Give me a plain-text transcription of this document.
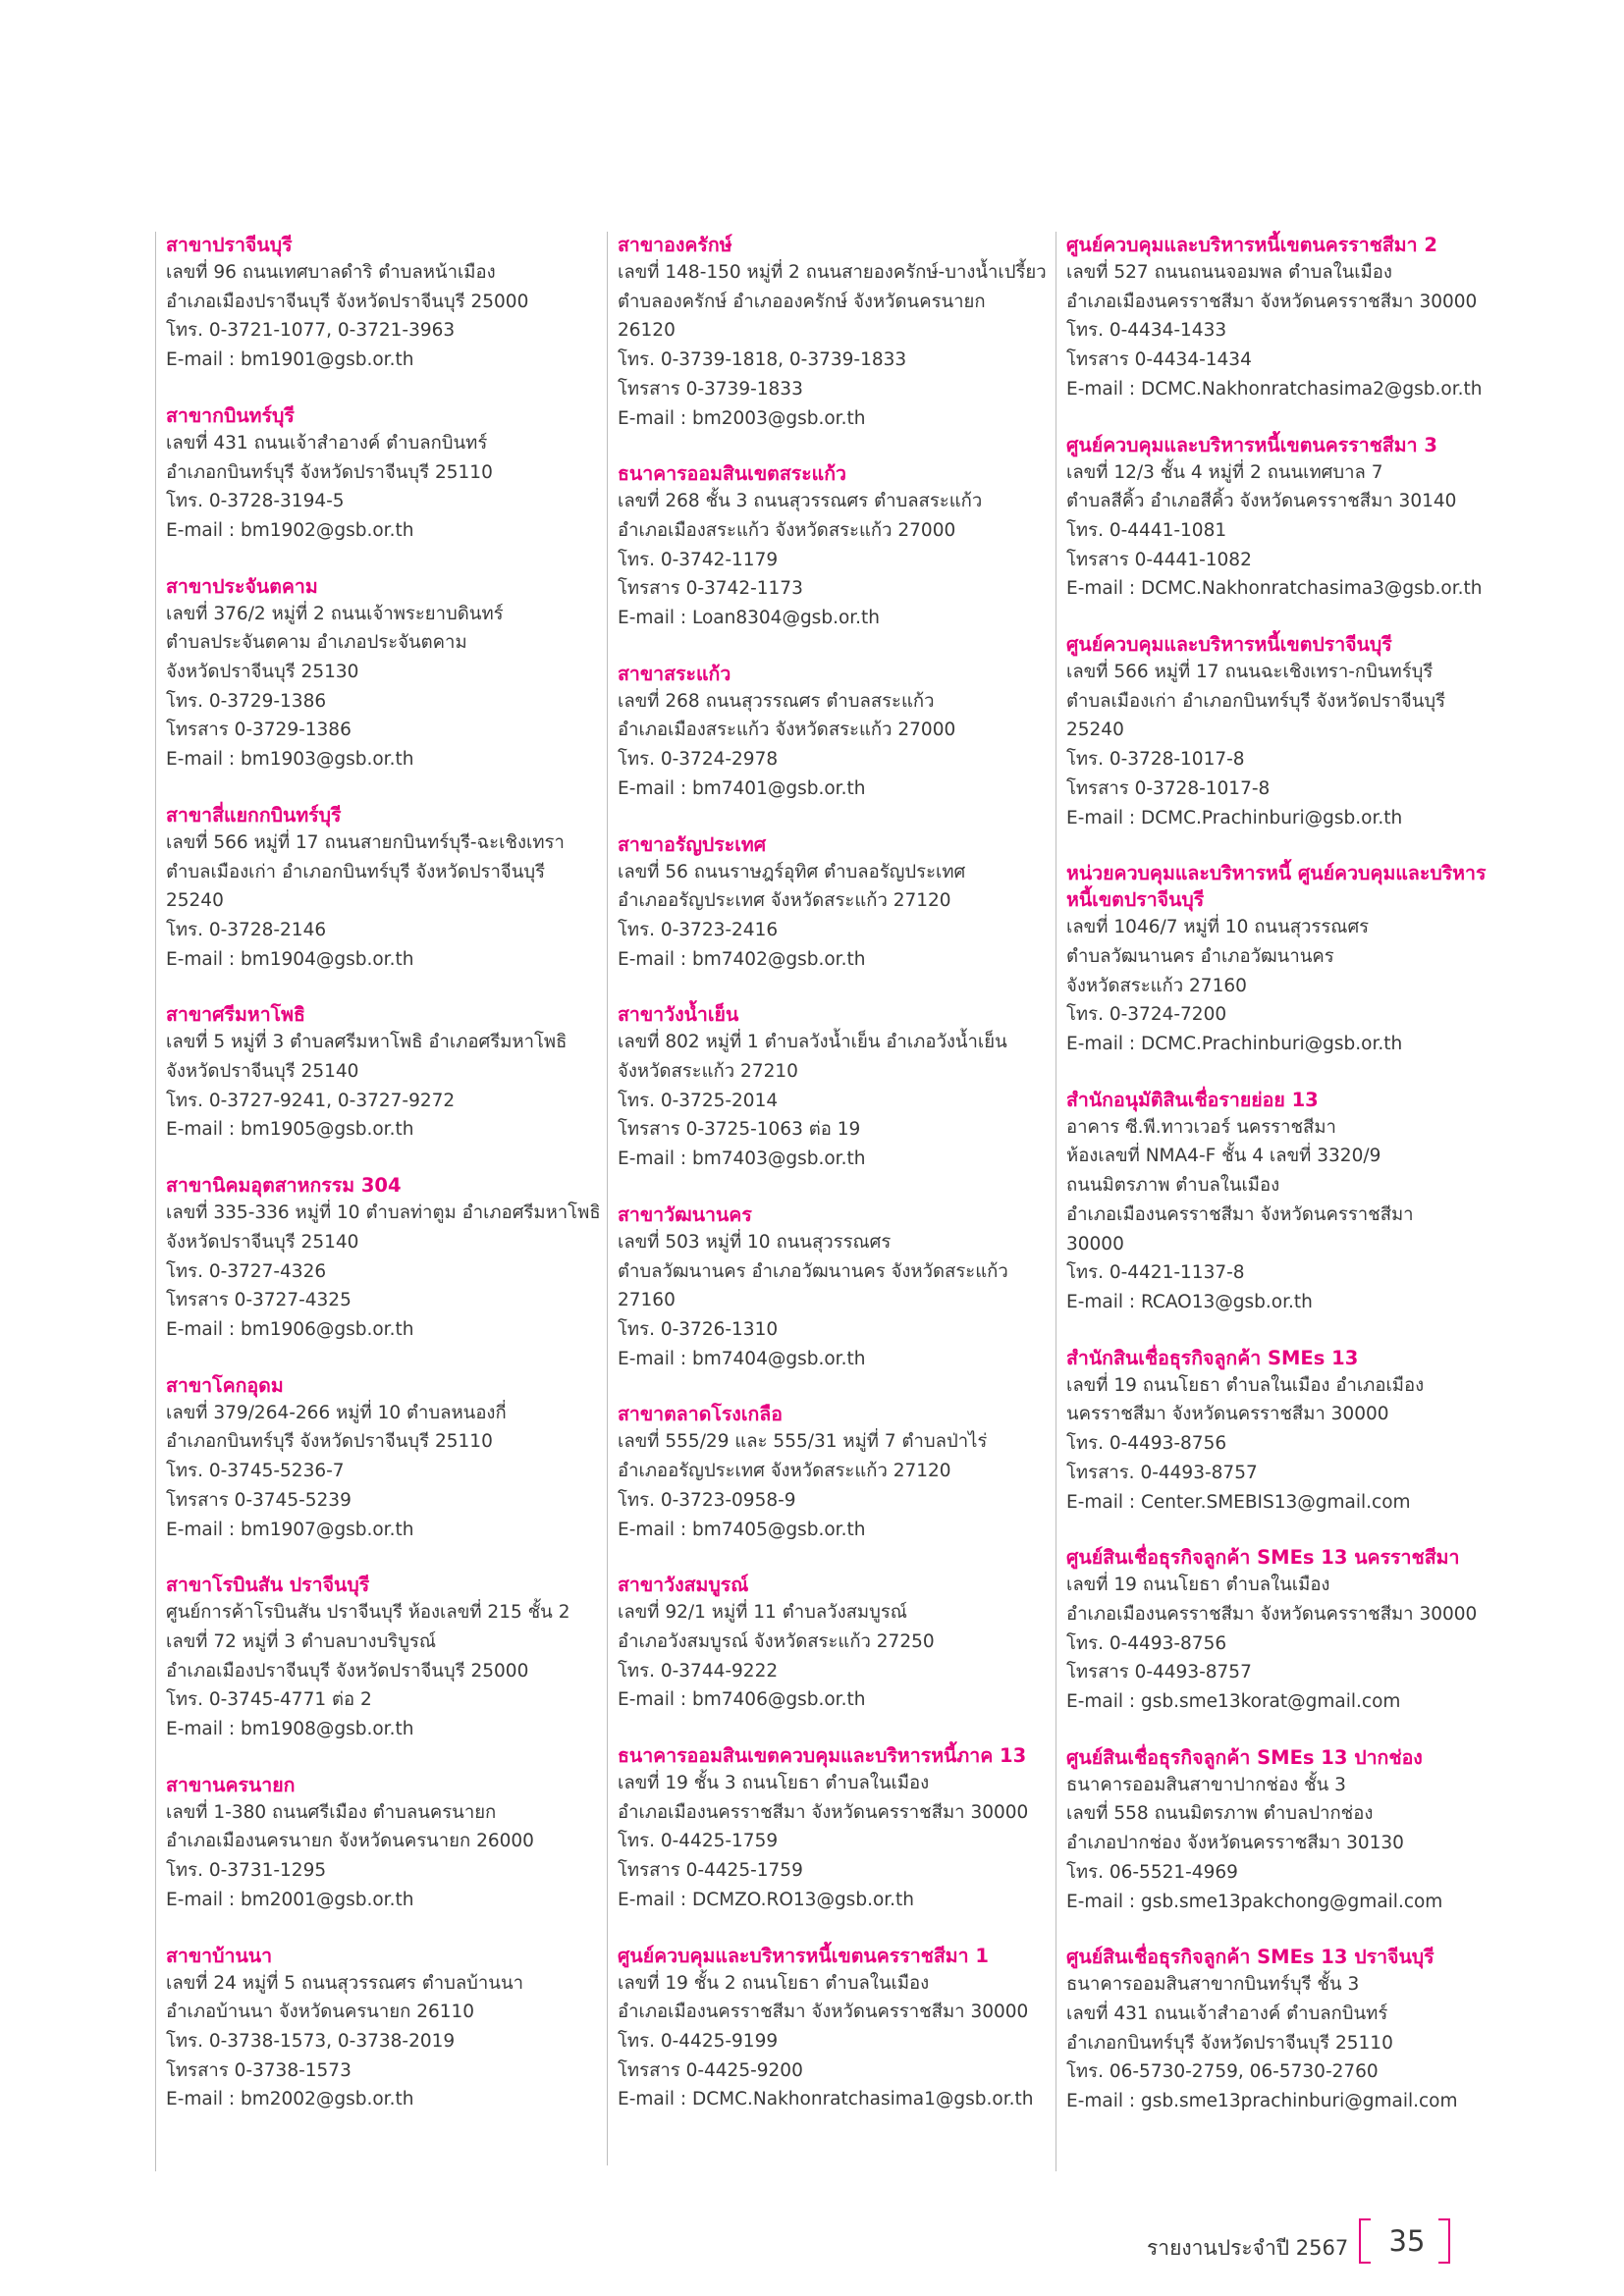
สาขาปราจีนบุรี
เลขที่ 96 ถนนเทศบาลดำริ ตำบลหน้าเมือง
อำเภอเมืองปราจีนบุรี จังหวัดปราจีนบุรี 25000
โทร. 0-3721-1077, 0-3721-3963
E-mail : bm1901@gsb.or.th
สาขากบินทร์บุรี
เลขที่ 431 ถนนเจ้าสำอางค์ ตำบลกบินทร์
อำเภอกบินทร์บุรี จังหวัดปราจีนบุรี 25110
โทร. 0-3728-3194-5
E-mail : bm1902@gsb.or.th
สาขาประจันตคาม
เลขที่ 376/2 หมู่ที่ 2 ถนนเจ้าพระยาบดินทร์
ตำบลประจันตคาม อำเภอประจันตคาม
จังหวัดปราจีนบุรี 25130
โทร. 0-3729-1386
โทรสาร 0-3729-1386
E-mail : bm1903@gsb.or.th
สาขาสี่แยกกบินทร์บุรี
เลขที่ 566 หมู่ที่ 17 ถนนสายกบินทร์บุรี-ฉะเชิงเทรา
ตำบลเมืองเก่า อำเภอกบินทร์บุรี จังหวัดปราจีนบุรี
25240
โทร. 0-3728-2146
E-mail : bm1904@gsb.or.th
สาขาศรีมหาโพธิ
เลขที่ 5 หมู่ที่ 3 ตำบลศรีมหาโพธิ อำเภอศรีมหาโพธิ
จังหวัดปราจีนบุรี 25140
โทร. 0-3727-9241, 0-3727-9272
E-mail : bm1905@gsb.or.th
สาขานิคมอุตสาหกรรม 304
เลขที่ 335-336 หมู่ที่ 10 ตำบลท่าตูม อำเภอศรีมหาโพธิ
จังหวัดปราจีนบุรี 25140
โทร. 0-3727-4326
โทรสาร 0-3727-4325
E-mail : bm1906@gsb.or.th
สาขาโคกอุดม
เลขที่ 379/264-266 หมู่ที่ 10 ตำบลหนองกี่
อำเภอกบินทร์บุรี จังหวัดปราจีนบุรี 25110
โทร. 0-3745-5236-7
โทรสาร 0-3745-5239
E-mail : bm1907@gsb.or.th
สาขาโรบินสัน ปราจีนบุรี
ศูนย์การค้าโรบินสัน ปราจีนบุรี ห้องเลขที่ 215 ชั้น 2
เลขที่ 72 หมู่ที่ 3 ตำบลบางบริบูรณ์
อำเภอเมืองปราจีนบุรี จังหวัดปราจีนบุรี 25000
โทร. 0-3745-4771 ต่อ 2
E-mail : bm1908@gsb.or.th
สาขานครนายก
เลขที่ 1-380 ถนนศรีเมือง ตำบลนครนายก
อำเภอเมืองนครนายก จังหวัดนครนายก 26000
โทร. 0-3731-1295
E-mail : bm2001@gsb.or.th
สาขาบ้านนา
เลขที่ 24 หมู่ที่ 5 ถนนสุวรรณศร ตำบลบ้านนา
อำเภอบ้านนา จังหวัดนครนายก 26110
โทร. 0-3738-1573, 0-3738-2019
โทรสาร 0-3738-1573
E-mail : bm2002@gsb.or.th
สาขาองครักษ์
เลขที่ 148-150 หมู่ที่ 2 ถนนสายองครักษ์-บางน้ำเปรี้ยว
ตำบลองครักษ์ อำเภอองครักษ์ จังหวัดนครนายก
26120
โทร. 0-3739-1818, 0-3739-1833
โทรสาร 0-3739-1833
E-mail : bm2003@gsb.or.th
ธนาคารออมสินเขตสระแก้ว
เลขที่ 268 ชั้น 3 ถนนสุวรรณศร ตำบลสระแก้ว
อำเภอเมืองสระแก้ว จังหวัดสระแก้ว 27000
โทร. 0-3742-1179
โทรสาร 0-3742-1173
E-mail : Loan8304@gsb.or.th
สาขาสระแก้ว
เลขที่ 268 ถนนสุวรรณศร ตำบลสระแก้ว
อำเภอเมืองสระแก้ว จังหวัดสระแก้ว 27000
โทร. 0-3724-2978
E-mail : bm7401@gsb.or.th
สาขาอรัญประเทศ
เลขที่ 56 ถนนราษฎร์อุทิศ ตำบลอรัญประเทศ
อำเภออรัญประเทศ จังหวัดสระแก้ว 27120
โทร. 0-3723-2416
E-mail : bm7402@gsb.or.th
สาขาวังน้ำเย็น
เลขที่ 802 หมู่ที่ 1 ตำบลวังน้ำเย็น อำเภอวังน้ำเย็น
จังหวัดสระแก้ว 27210
โทร. 0-3725-2014
โทรสาร 0-3725-1063 ต่อ 19
E-mail : bm7403@gsb.or.th
สาขาวัฒนานคร
เลขที่ 503 หมู่ที่ 10 ถนนสุวรรณศร
ตำบลวัฒนานคร อำเภอวัฒนานคร จังหวัดสระแก้ว
27160
โทร. 0-3726-1310
E-mail : bm7404@gsb.or.th
สาขาตลาดโรงเกลือ
เลขที่ 555/29 และ 555/31 หมู่ที่ 7 ตำบลป่าไร่
อำเภออรัญประเทศ จังหวัดสระแก้ว 27120
โทร. 0-3723-0958-9
E-mail : bm7405@gsb.or.th
สาขาวังสมบูรณ์
เลขที่ 92/1 หมู่ที่ 11 ตำบลวังสมบูรณ์
อำเภอวังสมบูรณ์ จังหวัดสระแก้ว 27250
โทร. 0-3744-9222
E-mail : bm7406@gsb.or.th
ธนาคารออมสินเขตควบคุมและบริหารหนี้ภาค 13
เลขที่ 19 ชั้น 3 ถนนโยธา ตำบลในเมือง
อำเภอเมืองนครราชสีมา จังหวัดนครราชสีมา 30000
โทร. 0-4425-1759
โทรสาร 0-4425-1759
E-mail : DCMZO.RO13@gsb.or.th
ศูนย์ควบคุมและบริหารหนี้เขตนครราชสีมา 1
เลขที่ 19 ชั้น 2 ถนนโยธา ตำบลในเมือง
อำเภอเมืองนครราชสีมา จังหวัดนครราชสีมา 30000
โทร. 0-4425-9199
โทรสาร 0-4425-9200
E-mail : DCMC.Nakhonratchasima1@gsb.or.th
ศูนย์ควบคุมและบริหารหนี้เขตนครราชสีมา 2
เลขที่ 527 ถนนถนนจอมพล ตำบลในเมือง
อำเภอเมืองนครราชสีมา จังหวัดนครราชสีมา 30000
โทร. 0-4434-1433
โทรสาร 0-4434-1434
E-mail : DCMC.Nakhonratchasima2@gsb.or.th
ศูนย์ควบคุมและบริหารหนี้เขตนครราชสีมา 3
เลขที่ 12/3 ชั้น 4 หมู่ที่ 2 ถนนเทศบาล 7
ตำบลสีคิ้ว อำเภอสีคิ้ว จังหวัดนครราชสีมา 30140
โทร. 0-4441-1081
โทรสาร 0-4441-1082
E-mail : DCMC.Nakhonratchasima3@gsb.or.th
ศูนย์ควบคุมและบริหารหนี้เขตปราจีนบุรี
เลขที่ 566 หมู่ที่ 17 ถนนฉะเชิงเทรา-กบินทร์บุรี
ตำบลเมืองเก่า อำเภอกบินทร์บุรี จังหวัดปราจีนบุรี
25240
โทร. 0-3728-1017-8
โทรสาร 0-3728-1017-8
E-mail : DCMC.Prachinburi@gsb.or.th
หน่วยควบคุมและบริหารหนี้ ศูนย์ควบคุมและบริหารหนี้เขตปราจีนบุรี
เลขที่ 1046/7 หมู่ที่ 10 ถนนสุวรรณศร
ตำบลวัฒนานคร อำเภอวัฒนานคร
จังหวัดสระแก้ว 27160
โทร. 0-3724-7200
E-mail : DCMC.Prachinburi@gsb.or.th
สำนักอนุมัติสินเชื่อรายย่อย 13
อาคาร ซี.พี.ทาวเวอร์ นครราชสีมา
ห้องเลขที่ NMA4-F ชั้น 4 เลขที่ 3320/9
ถนนมิตรภาพ ตำบลในเมือง
อำเภอเมืองนครราชสีมา จังหวัดนครราชสีมา
30000
โทร. 0-4421-1137-8
E-mail : RCAO13@gsb.or.th
สำนักสินเชื่อธุรกิจลูกค้า SMEs 13
เลขที่ 19 ถนนโยธา ตำบลในเมือง อำเภอเมือง
นครราชสีมา จังหวัดนครราชสีมา 30000
โทร. 0-4493-8756
โทรสาร. 0-4493-8757
E-mail : Center.SMEBIS13@gmail.com
ศูนย์สินเชื่อธุรกิจลูกค้า SMEs 13 นครราชสีมา
เลขที่ 19 ถนนโยธา ตำบลในเมือง
อำเภอเมืองนครราชสีมา จังหวัดนครราชสีมา 30000
โทร. 0-4493-8756
โทรสาร 0-4493-8757
E-mail : gsb.sme13korat@gmail.com
ศูนย์สินเชื่อธุรกิจลูกค้า SMEs 13 ปากช่อง
ธนาคารออมสินสาขาปากช่อง ชั้น 3
เลขที่ 558 ถนนมิตรภาพ ตำบลปากช่อง
อำเภอปากช่อง จังหวัดนครราชสีมา 30130
โทร. 06-5521-4969
E-mail : gsb.sme13pakchong@gmail.com
ศูนย์สินเชื่อธุรกิจลูกค้า SMEs 13 ปราจีนบุรี
ธนาคารออมสินสาขากบินทร์บุรี ชั้น 3
เลขที่ 431 ถนนเจ้าสำอางค์ ตำบลกบินทร์
อำเภอกบินทร์บุรี จังหวัดปราจีนบุรี 25110
โทร. 06-5730-2759, 06-5730-2760
E-mail : gsb.sme13prachinburi@gmail.com
รายงานประจำปี 2567	35
